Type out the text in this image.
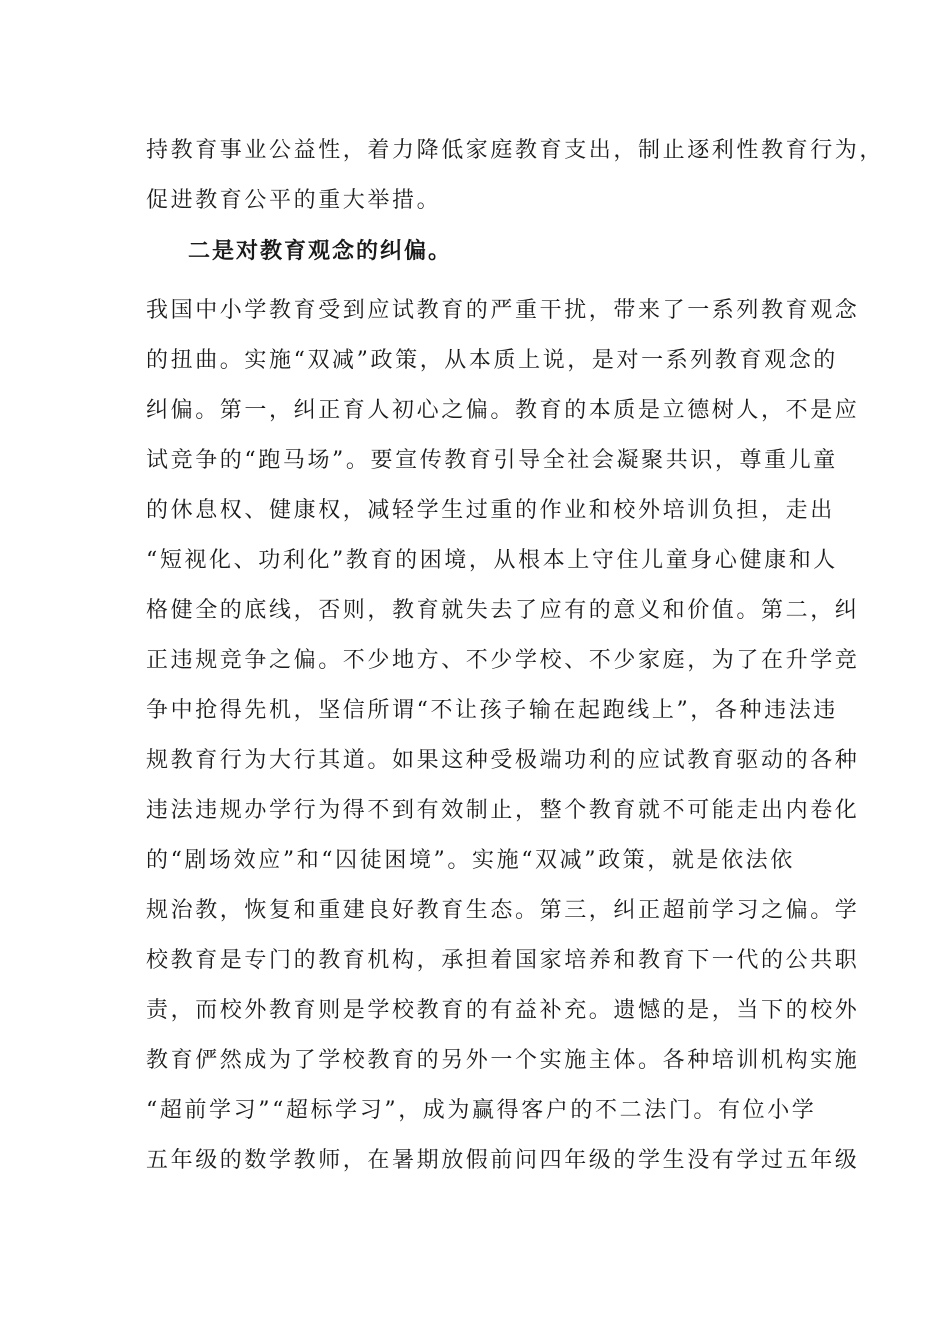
持教育事业公益性，着力降低家庭教育支出，制止逐利性教育行为，
促进教育公平的重大举措。
二是对教育观念的纠偏。
我国中小学教育受到应试教育的严重干扰，带来了一系列教育观念
的扭曲。实施“双减”政策，从本质上说，是对一系列教育观念的
纠偏。第一，纠正育人初心之偏。教育的本质是立德树人，不是应
试竞争的“跑马场”。要宣传教育引导全社会凝聚共识，尊重儿童
的休息权、健康权，减轻学生过重的作业和校外培训负担，走出
“短视化、功利化”教育的困境，从根本上守住儿童身心健康和人
格健全的底线，否则，教育就失去了应有的意义和价值。第二，纠
正违规竞争之偏。不少地方、不少学校、不少家庭，为了在升学竞
争中抢得先机，坚信所谓“不让孩子输在起跑线上”，各种违法违
规教育行为大行其道。如果这种受极端功利的应试教育驱动的各种
违法违规办学行为得不到有效制止，整个教育就不可能走出内卷化
的“剧场效应”和“囚徒困境”。实施“双减”政策，就是依法依
规治教，恢复和重建良好教育生态。第三，纠正超前学习之偏。学
校教育是专门的教育机构，承担着国家培养和教育下一代的公共职
责，而校外教育则是学校教育的有益补充。遗憾的是，当下的校外
教育俨然成为了学校教育的另外一个实施主体。各种培训机构实施
“超前学习”“超标学习”，成为赢得客户的不二法门。有位小学
五年级的数学教师，在暑期放假前问四年级的学生没有学过五年级
